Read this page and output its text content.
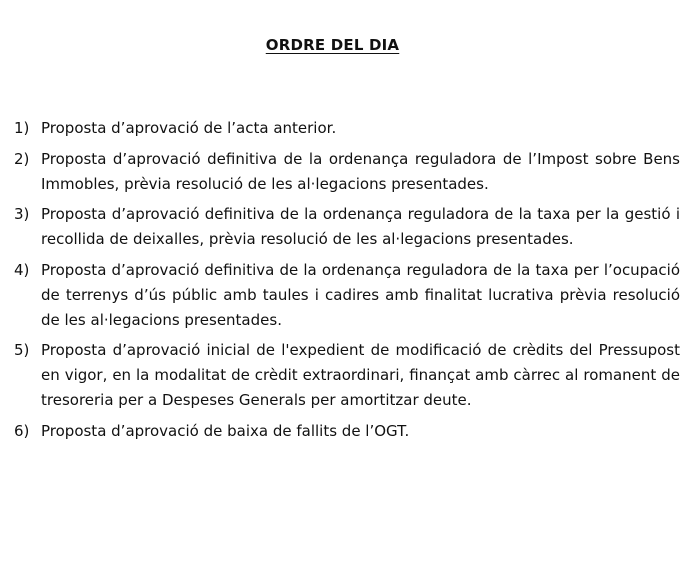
ORDRE DEL DIA
1) Proposta d’aprovació de l’acta anterior.

2) Proposta d’aprovació definitiva de la ordenança reguladora de l’Impost sobre Bens Immobles, prèvia resolució de les al·legacions presentades.

3) Proposta d’aprovació definitiva de la ordenança reguladora de la taxa per la gestió i recollida de deixalles, prèvia resolució de les al·legacions presentades.

4) Proposta d’aprovació definitiva de la ordenança reguladora de la taxa per l’ocupació de terrenys d’ús públic amb taules i cadires amb finalitat lucrativa prèvia resolució de les al·legacions presentades.

5) Proposta d’aprovació inicial de l'expedient de modificació de crèdits del Pressupost en vigor, en la modalitat de crèdit extraordinari, finançat amb càrrec al romanent de tresoreria per a Despeses Generals per amortitzar deute.

6) Proposta d’aprovació de baixa de fallits de l’OGT.
